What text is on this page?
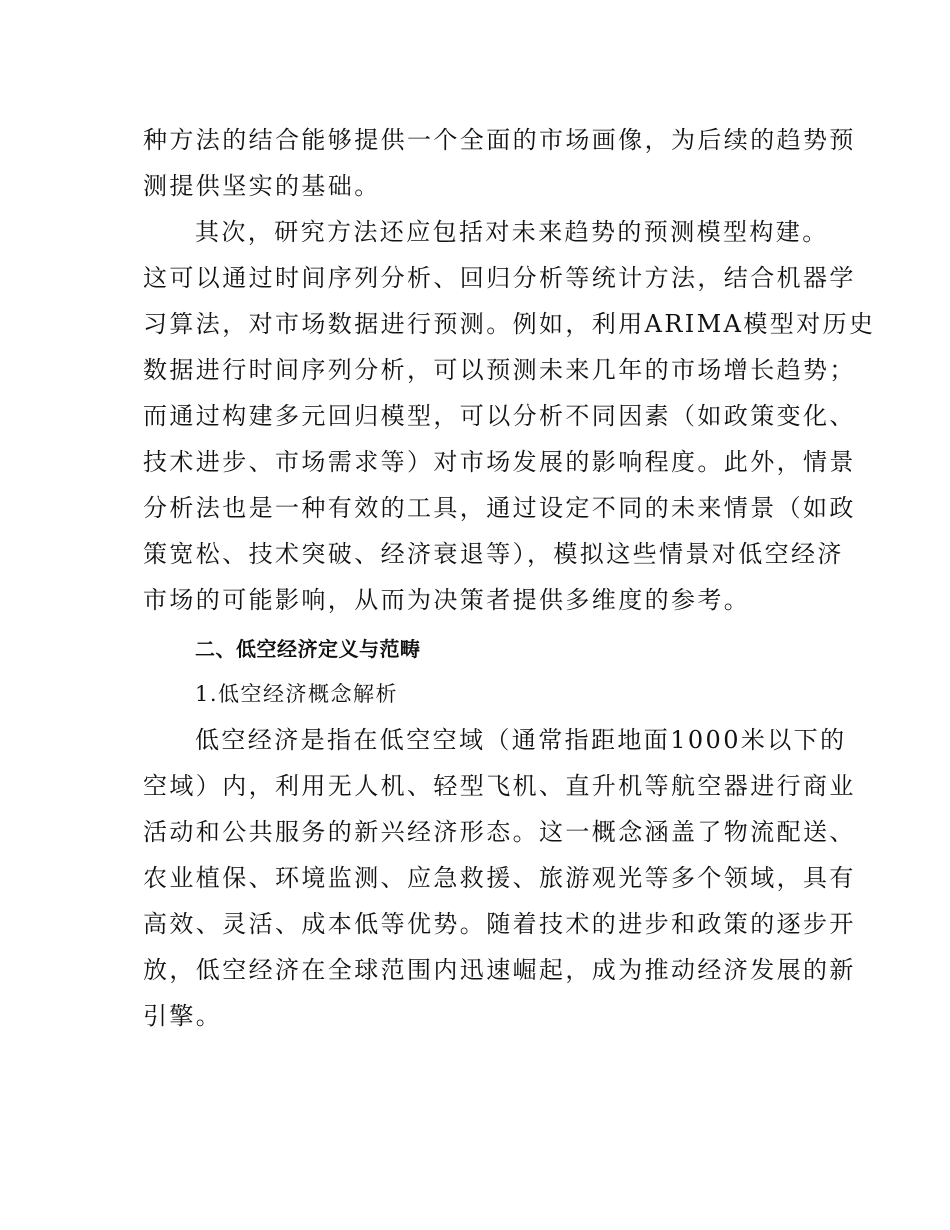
种方法的结合能够提供一个全面的市场画像，为后续的趋势预
测提供坚实的基础。
其次，研究方法还应包括对未来趋势的预测模型构建。
这可以通过时间序列分析、回归分析等统计方法，结合机器学
习算法，对市场数据进行预测。例如，利用ARIMA模型对历史
数据进行时间序列分析，可以预测未来几年的市场增长趋势；
而通过构建多元回归模型，可以分析不同因素（如政策变化、
技术进步、市场需求等）对市场发展的影响程度。此外，情景
分析法也是一种有效的工具，通过设定不同的未来情景（如政
策宽松、技术突破、经济衰退等），模拟这些情景对低空经济
市场的可能影响，从而为决策者提供多维度的参考。
二、低空经济定义与范畴
1.低空经济概念解析
低空经济是指在低空空域（通常指距地面1000米以下的
空域）内，利用无人机、轻型飞机、直升机等航空器进行商业
活动和公共服务的新兴经济形态。这一概念涵盖了物流配送、
农业植保、环境监测、应急救援、旅游观光等多个领域，具有
高效、灵活、成本低等优势。随着技术的进步和政策的逐步开
放，低空经济在全球范围内迅速崛起，成为推动经济发展的新
引擎。
